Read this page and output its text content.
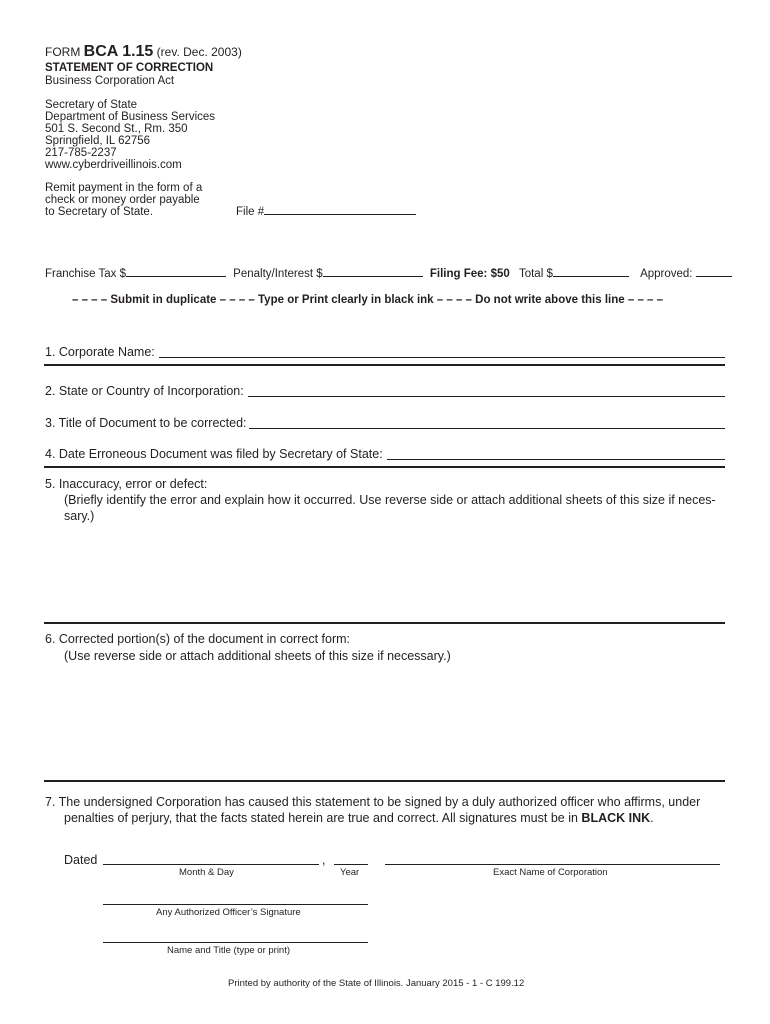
FORM BCA 1.15 (rev. Dec. 2003)
STATEMENT OF CORRECTION
Business Corporation Act
Secretary of State
Department of Business Services
501 S. Second St., Rm. 350
Springfield, IL 62756
217-785-2237
www.cyberdriveillinois.com
Remit payment in the form of a
check or money order payable
to Secretary of State.	File #
Franchise Tax $	Penalty/Interest $	Filing Fee: $50 Total $	Approved:
– – – – Submit in duplicate – – – – Type or Print clearly in black ink – – – – Do not write above this line – – – –
1. Corporate Name:
2. State or Country of Incorporation:
3. Title of Document to be corrected:
4. Date Erroneous Document was filed by Secretary of State:
5. Inaccuracy, error or defect:
(Briefly identify the error and explain how it occurred. Use reverse side or attach additional sheets of this size if neces-
sary.)
6. Corrected portion(s) of the document in correct form:
(Use reverse side or attach additional sheets of this size if necessary.)
7. The undersigned Corporation has caused this statement to be signed by a duly authorized officer who affirms, under
penalties of perjury, that the facts stated herein are true and correct. All signatures must be in BLACK INK.
Dated	,
Month & Day	Year	Exact Name of Corporation
Any Authorized Officer’s Signature
Name and Title (type or print)
Printed by authority of the State of Illinois. January 2015 - 1 - C 199.12
